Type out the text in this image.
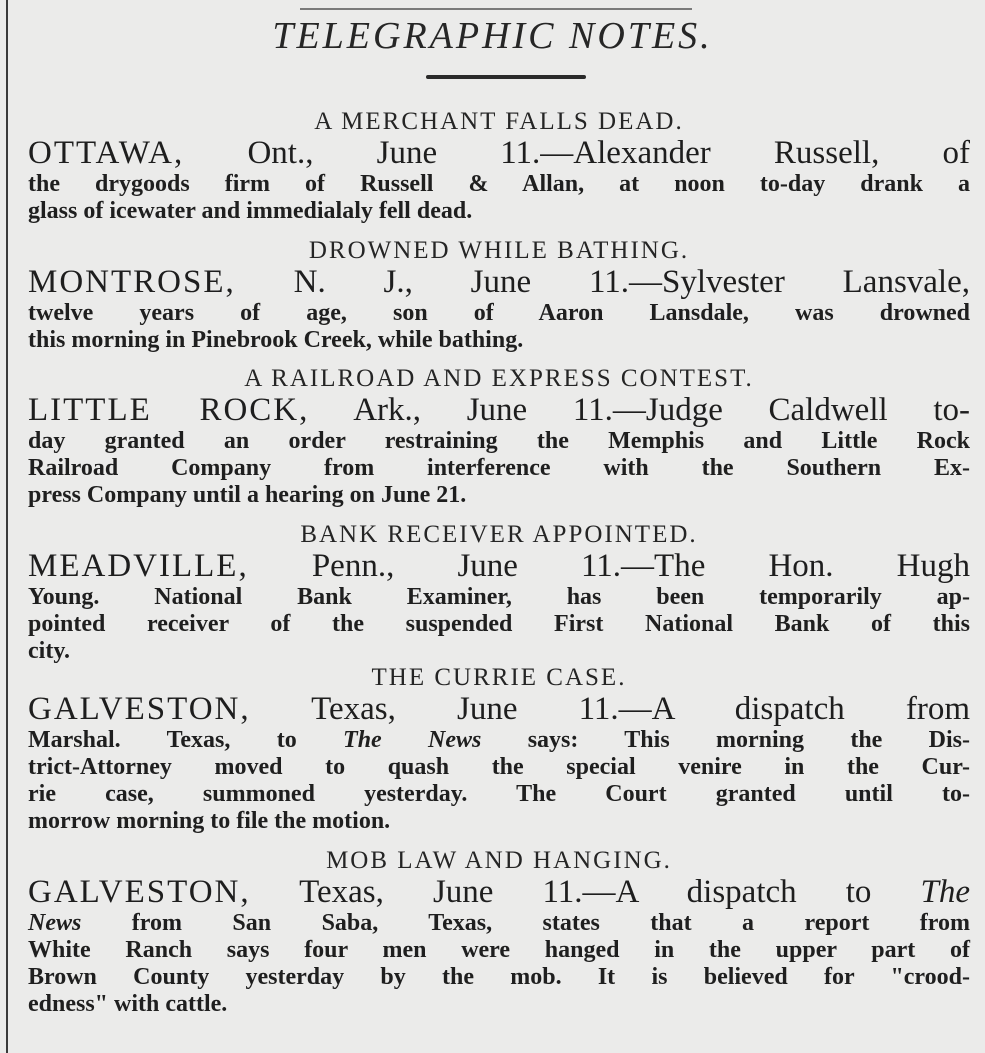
TELEGRAPHIC NOTES.
A MERCHANT FALLS DEAD.
OTTAWA, Ont., June 11.—Alexander Russell, of
the drygoods firm of Russell & Allan, at noon to-day drank a
glass of icewater and immedialaly fell dead.
DROWNED WHILE BATHING.
MONTROSE, N. J., June 11.—Sylvester Lansvale,
twelve years of age, son of Aaron Lansdale, was drowned
this morning in Pinebrook Creek, while bathing.
A RAILROAD AND EXPRESS CONTEST.
LITTLE ROCK, Ark., June 11.—Judge Caldwell to-
day granted an order restraining the Memphis and Little Rock
Railroad Company from interference with the Southern Ex-
press Company until a hearing on June 21.
BANK RECEIVER APPOINTED.
MEADVILLE, Penn., June 11.—The Hon. Hugh
Young. National Bank Examiner, has been temporarily ap-
pointed receiver of the suspended First National Bank of this
city.
THE CURRIE CASE.
GALVESTON, Texas, June 11.—A dispatch from
Marshal. Texas, to The News says: This morning the Dis-
trict-Attorney moved to quash the special venire in the Cur-
rie case, summoned yesterday. The Court granted until to-
morrow morning to file the motion.
MOB LAW AND HANGING.
GALVESTON, Texas, June 11.—A dispatch to The
News from San Saba, Texas, states that a report from
White Ranch says four men were hanged in the upper part of
Brown County yesterday by the mob. It is believed for "crood-
edness" with cattle.
